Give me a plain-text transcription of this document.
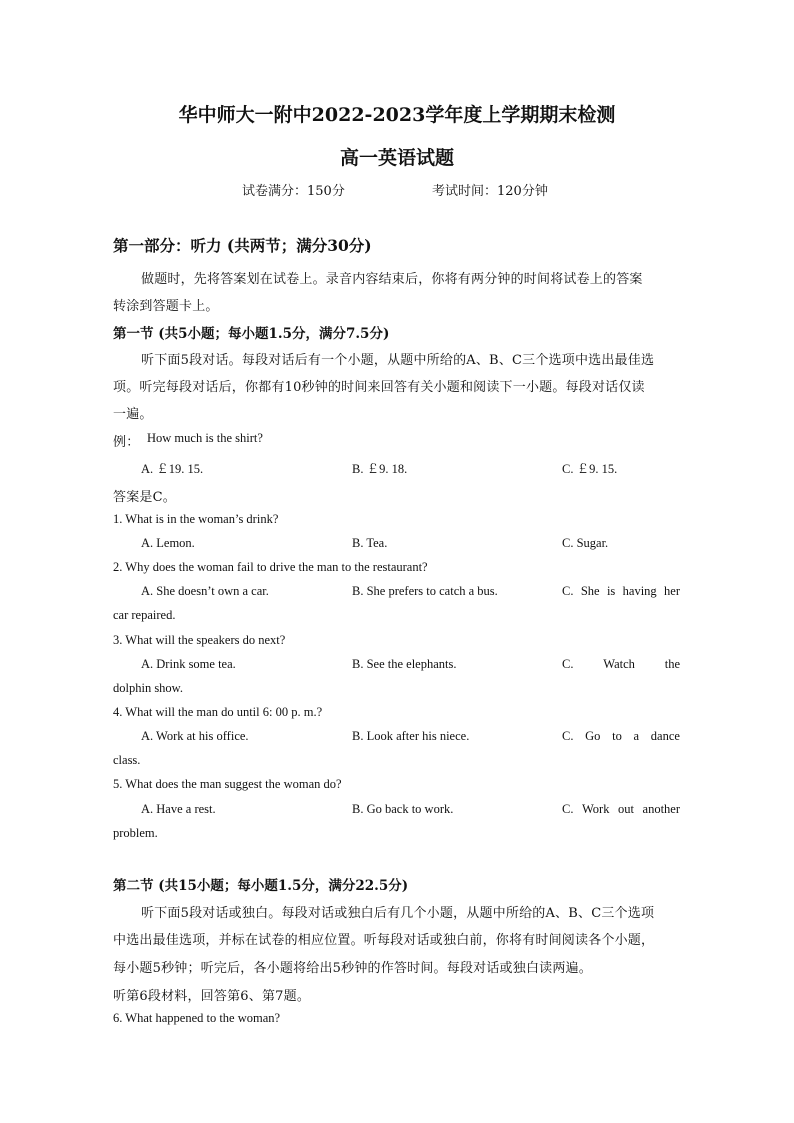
华中师大一附中2022-2023学年度上学期期末检测
高一英语试题
试卷满分：150分	考试时间：120分钟
第一部分：听力 (共两节；满分30分)
做题时，先将答案划在试卷上。录音内容结束后，你将有两分钟的时间将试卷上的答案
转涂到答题卡上。
第一节 (共5小题；每小题1.5分，满分7.5分)
听下面5段对话。每段对话后有一个小题，从题中所给的A、B、C三个选项中选出最佳选
项。听完每段对话后，你都有10秒钟的时间来回答有关小题和阅读下一小题。每段对话仅读
一遍。
例： How much is the shirt?
A. ￡19. 15.	B. ￡9. 18.	C. ￡9. 15.
答案是C。
1. What is in the woman’s drink?
A. Lemon.	B. Tea.	C. Sugar.
2. Why does the woman fail to drive the man to the restaurant?
A. She doesn’t own a car.	B. She prefers to catch a bus.	C. She is having her
car repaired.
3. What will the speakers do next?
A. Drink some tea.	B. See the elephants.	C. Watch the
dolphin show.
4. What will the man do until 6: 00 p. m.?
A. Work at his office.	B. Look after his niece.	C. Go to a dance
class.
5. What does the man suggest the woman do?
A. Have a rest.	B. Go back to work.	C. Work out another
problem.
第二节 (共15小题；每小题1.5分，满分22.5分)
听下面5段对话或独白。每段对话或独白后有几个小题，从题中所给的A、B、C三个选项
中选出最佳选项，并标在试卷的相应位置。听每段对话或独白前，你将有时间阅读各个小题，
每小题5秒钟；听完后，各小题将给出5秒钟的作答时间。每段对话或独白读两遍。
听第6段材料，回答第6、第7题。
6. What happened to the woman?
